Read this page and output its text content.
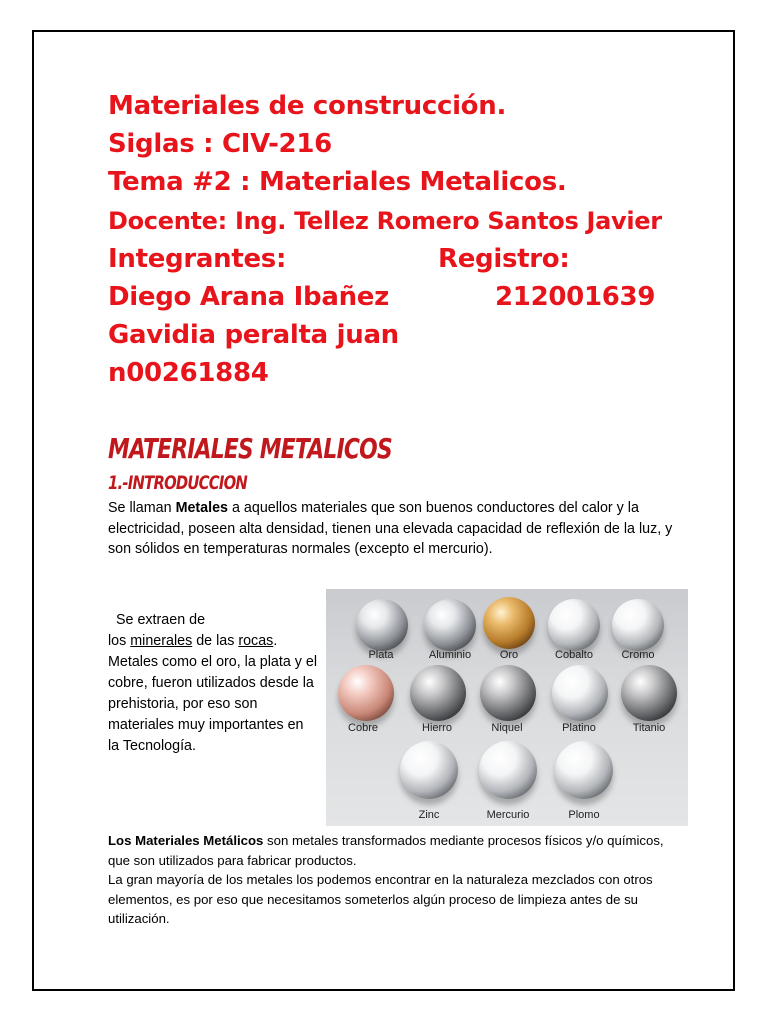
Materiales de construcción.
Siglas : CIV-216
Tema #2 : Materiales Metalicos.
Docente: Ing. Tellez Romero Santos Javier
Integrantes:	Registro:
Diego Arana Ibañez	212001639
Gavidia peralta juan
n00261884
MATERIALES METALICOS
1.-INTRODUCCION
Se llaman Metales a aquellos materiales que son buenos conductores del calor y la electricidad, poseen alta densidad, tienen una elevada capacidad de reflexión de la luz, y son sólidos en temperaturas normales (excepto el mercurio).
Se extraen de
los minerales de las rocas.
Metales como el oro, la plata y el cobre, fueron utilizados desde la prehistoria, por eso son materiales muy importantes en la Tecnología.
Plata	Aluminio	Oro	Cobalto	Cromo
Cobre	Hierro	Niquel	Platino	Titanio
Zinc	Mercurio	Plomo
Los Materiales Metálicos son metales transformados mediante procesos físicos y/o químicos, que son utilizados para fabricar productos.
La gran mayoría de los metales los podemos encontrar en la naturaleza mezclados con otros elementos, es por eso que necesitamos someterlos algún proceso de limpieza antes de su utilización.
